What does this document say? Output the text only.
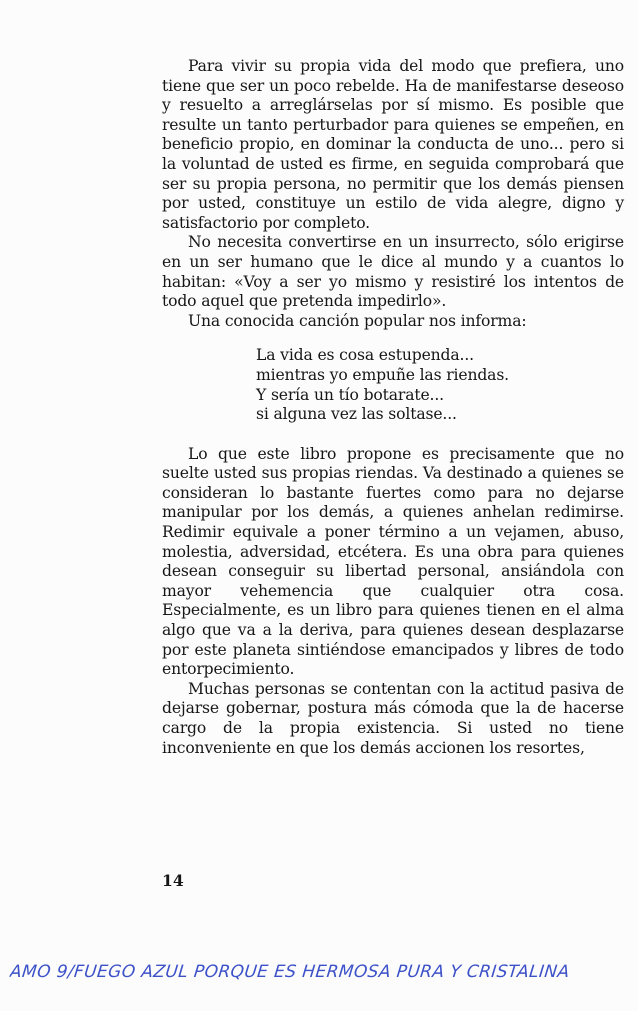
Para vivir su propia vida del modo que prefiera, uno tiene que ser un poco rebelde. Ha de manifestarse deseoso y resuelto a arreglárselas por sí mismo. Es posible que resulte un tanto perturbador para quienes se empeñen, en beneficio propio, en dominar la conducta de uno... pero si la voluntad de usted es firme, en seguida comprobará que ser su propia persona, no permitir que los demás piensen por usted, constituye un estilo de vida alegre, digno y satisfactorio por completo.

No necesita convertirse en un insurrecto, sólo erigirse en un ser humano que le dice al mundo y a cuantos lo habitan: «Voy a ser yo mismo y resistiré los intentos de todo aquel que pretenda impedirlo».

Una conocida canción popular nos informa:

La vida es cosa estupenda...
mientras yo empuñe las riendas.
Y sería un tío botarate...
si alguna vez las soltase...

Lo que este libro propone es precisamente que no suelte usted sus propias riendas. Va destinado a quienes se consideran lo bastante fuertes como para no dejarse manipular por los demás, a quienes anhelan redimirse. Redimir equivale a poner término a un vejamen, abuso, molestia, adversidad, etcétera. Es una obra para quienes desean conseguir su libertad personal, ansiándola con mayor vehemencia que cualquier otra cosa. Especialmente, es un libro para quienes tienen en el alma algo que va a la deriva, para quienes desean desplazarse por este planeta sintiéndose emancipados y libres de todo entorpecimiento.

Muchas personas se contentan con la actitud pasiva de dejarse gobernar, postura más cómoda que la de hacerse cargo de la propia existencia. Si usted no tiene inconveniente en que los demás accionen los resortes,

14
AMO 9/FUEGO AZUL PORQUE ES HERMOSA PURA Y CRISTALINA
